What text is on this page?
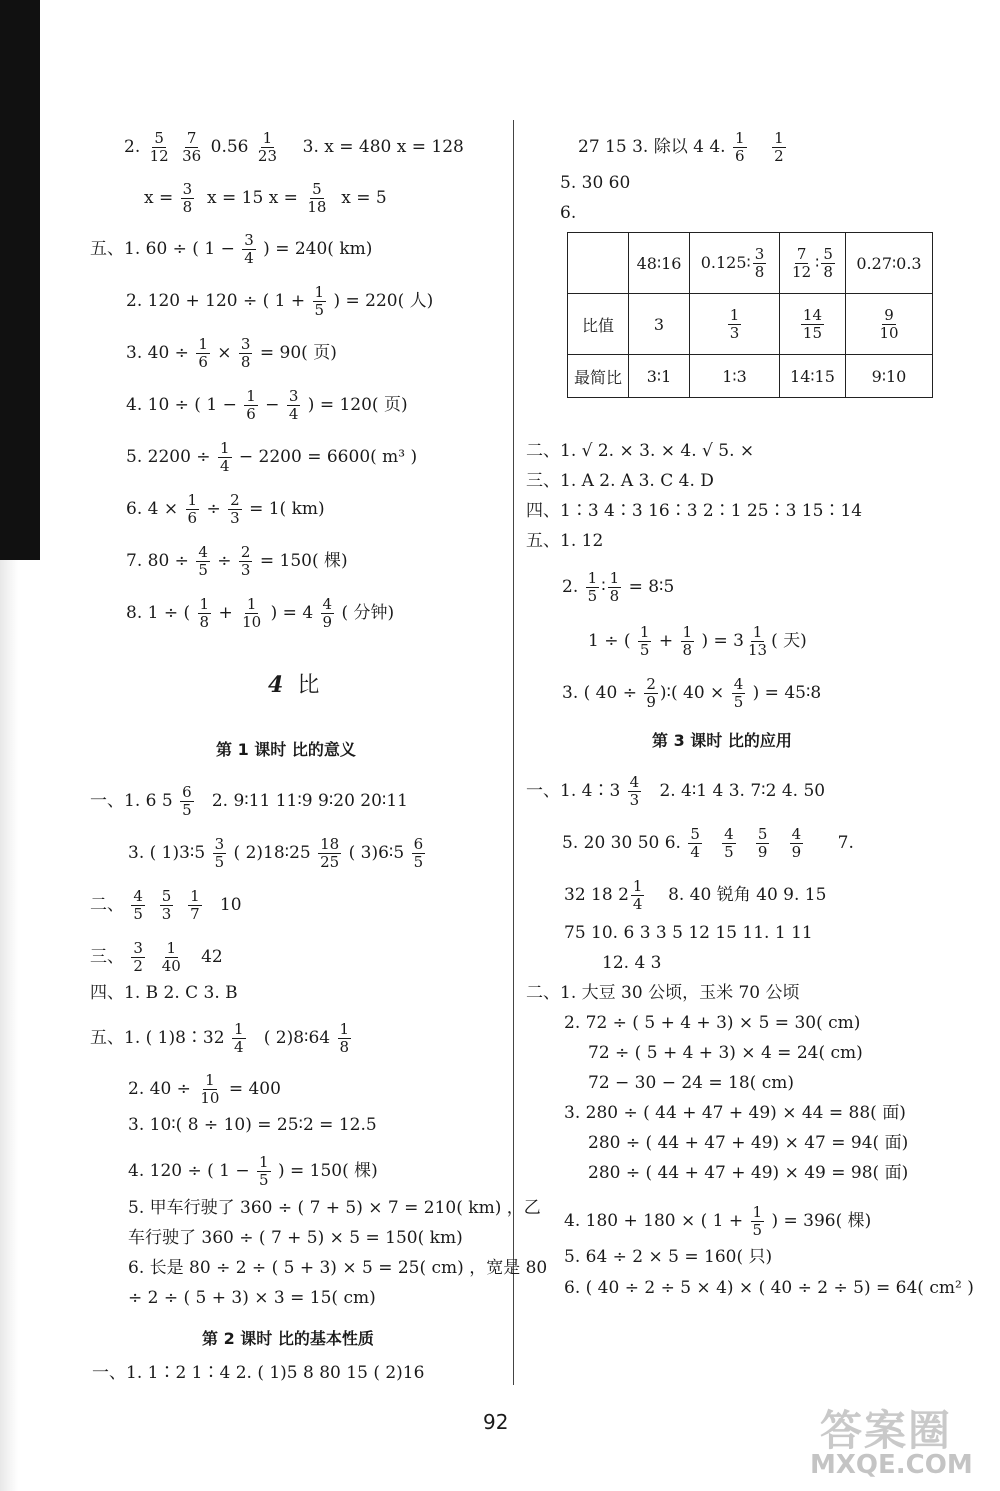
2. $\frac{5}{12}$
$\frac{7}{36} 0.56 \frac{1}{23} 3$. x = 480 x = 128
$x = \frac{3}{8}$ x = 15 $x = \frac{5}{18}$ x = 5
五、1. 60 ÷ ( $1 - \frac{3}{4}$ ) = 240( km)
2. 120 + 120 ÷ ( $1 + \frac{1}{5}$ ) = 220( 人)
3. $40 \div \frac{1}{6} \times \frac{3}{8} = 90$( 页)
4. 10 ÷ ( $1 - \frac{1}{6} - \frac{3}{4}$ ) = 120( 页)
5. $2200 \div \frac{1}{4} - 2200 = 6600$( m³ )
6. $4 \times \frac{1}{6} \div \frac{2}{3} = 1$( km)
7. $80 \div \frac{4}{5} \div \frac{2}{3} = 150$( 棵)
8. 1 ÷ ( $\frac{1}{8} + \frac{1}{10}$ ) = $4 \frac{4}{9}$ ( 分钟)
4 比
第 1 课时 比的意义
一、1. 6 $5 \frac{6}{5} 2$. 9∶11 11∶9 9∶20 20∶11
3. ( 1)3∶5 $\frac{3}{5}$ ( 2)18∶25 $\frac{18}{25}$ ( 3)6∶5 $\frac{6}{5}$
二、 $\frac{4}{5}$
$\frac{5}{3}$
$\frac{1}{7} 10$
三、 $\frac{3}{2}$
$\frac{1}{40} 42$
四、1. B 2. C 3. B
五、1. ( 1)8∶32 $\frac{1}{4}$ ( 2)8∶64 $\frac{1}{8}$
2. $40 \div \frac{1}{10} = 400$
3. 10∶( 8 ÷ 10) = 25∶2 = 12.5
4. 120 ÷ ( $1 - \frac{1}{5}$ ) = 150( 棵)
5. 甲车行驶了 360 ÷ ( 7 + 5) × 7 = 210( km) ，乙
车行驶了 360 ÷ ( 7 + 5) × 5 = 150( km)
6. 长是 80 ÷ 2 ÷ ( 5 + 3) × 5 = 25( cm) ，宽是 80
÷ 2 ÷ ( 5 + 3) × 3 = 15( cm)
第 2 课时 比的基本性质
一、1. 1∶2 1∶4 2. ( 1)5 8 80 15 ( 2)16
27 15 3. 除以 4 4. $\frac{1}{6}$
$\frac{1}{2}$
5. 30 60
6.
	48∶16	0.125∶ $\frac{3}{8}$	$\frac{7}{12}$ ∶ $\frac{5}{8}$	0.27∶0.3
比值	3	$\frac{1}{3}$	$\frac{14}{15}$	$\frac{9}{10}$

最简比	3∶1	1∶3	14∶15	9∶10
二、1. √ 2. × 3. × 4. √ 5. ×
三、1. A 2. A 3. C 4. D
四、1∶3 4∶3 16∶3 2∶1 25∶3 15∶14
五、1. 12
2. $\frac{1}{5}$ ∶ $\frac{1}{8}$ = 8∶5
1 ÷ ( $\frac{1}{5} + \frac{1}{8}$ ) = $3 \frac{1}{13}$ ( 天)
3. ( $40 \div \frac{2}{9}$ )∶( $40 \times \frac{4}{5}$ ) = 45∶8
第 3 课时 比的应用
一、1. 4∶3 $\frac{4}{3} 2$. 4∶1 4 3. 7∶2 4. 50
5. 20 30 50 6. $\frac{5}{4}$
$\frac{4}{5}$
$\frac{5}{9}$
$\frac{4}{9} 7$.
32 18 $2 \frac{1}{4} 8$. 40 锐角 40 9. 15
75 10. 6 3 3 5 12 15 11. 1 11
12. 4 3
二、1. 大豆 30 公顷，玉米 70 公顷
2. 72 ÷ ( 5 + 4 + 3) × 5 = 30( cm)
72 ÷ ( 5 + 4 + 3) × 4 = 24( cm)
72 − 30 − 24 = 18( cm)
3. 280 ÷ ( 44 + 47 + 49) × 44 = 88( 面)
280 ÷ ( 44 + 47 + 49) × 47 = 94( 面)
280 ÷ ( 44 + 47 + 49) × 49 = 98( 面)
4. 180 + 180 × ( $1 + \frac{1}{5}$ ) = 396( 棵)
5. 64 ÷ 2 × 5 = 160( 只)
6. ( 40 ÷ 2 ÷ 5 × 4) × ( 40 ÷ 2 ÷ 5) = 64( cm² )
92	答案圈
MXQE.COM
